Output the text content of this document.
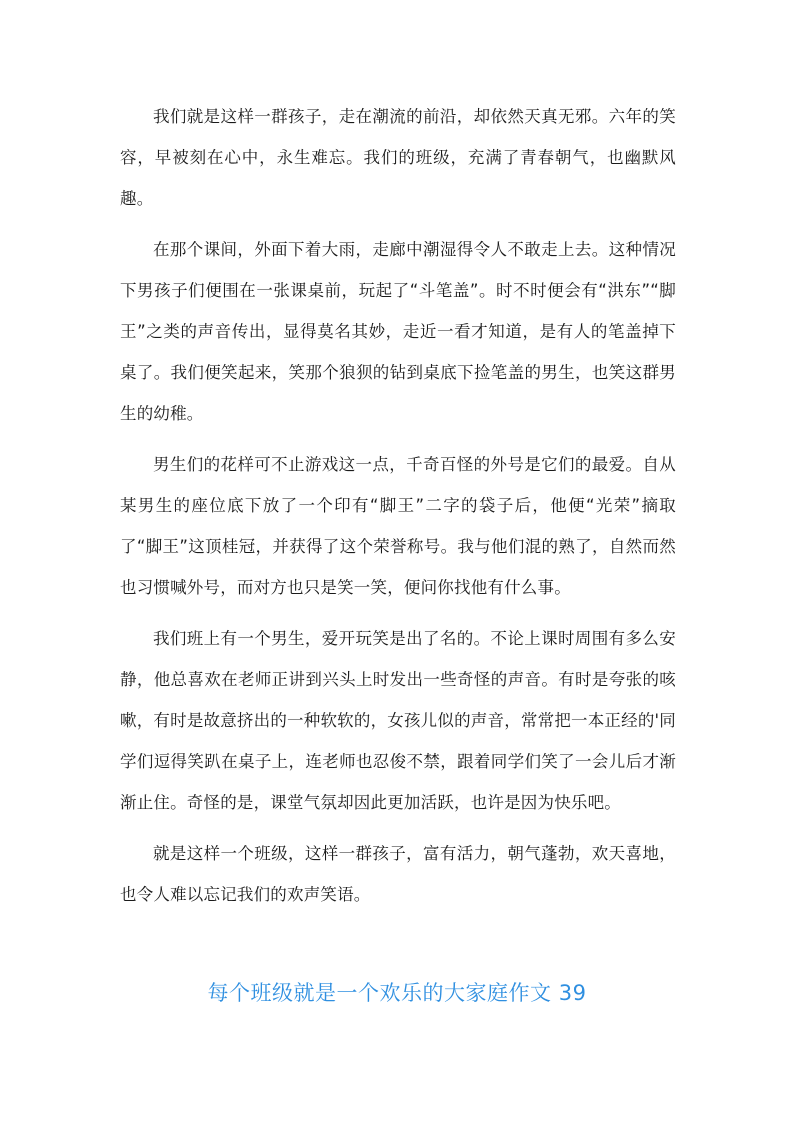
我们就是这样一群孩子，走在潮流的前沿，却依然天真无邪。六年的笑容，早被刻在心中，永生难忘。我们的班级，充满了青春朝气，也幽默风趣。

在那个课间，外面下着大雨，走廊中潮湿得令人不敢走上去。这种情况下男孩子们便围在一张课桌前，玩起了“斗笔盖”。时不时便会有“洪东”“脚王”之类的声音传出，显得莫名其妙，走近一看才知道，是有人的笔盖掉下桌了。我们便笑起来，笑那个狼狈的钻到桌底下捡笔盖的男生，也笑这群男生的幼稚。

男生们的花样可不止游戏这一点，千奇百怪的外号是它们的最爱。自从某男生的座位底下放了一个印有“脚王”二字的袋子后，他便“光荣”摘取了“脚王”这顶桂冠，并获得了这个荣誉称号。我与他们混的熟了，自然而然也习惯喊外号，而对方也只是笑一笑，便问你找他有什么事。

我们班上有一个男生，爱开玩笑是出了名的。不论上课时周围有多么安静，他总喜欢在老师正讲到兴头上时发出一些奇怪的声音。有时是夸张的咳嗽，有时是故意挤出的一种软软的，女孩儿似的声音，常常把一本正经的'同学们逗得笑趴在桌子上，连老师也忍俊不禁，跟着同学们笑了一会儿后才渐渐止住。奇怪的是，课堂气氛却因此更加活跃，也许是因为快乐吧。

就是这样一个班级，这样一群孩子，富有活力，朝气蓬勃，欢天喜地，也令人难以忘记我们的欢声笑语。

每个班级就是一个欢乐的大家庭作文 39
